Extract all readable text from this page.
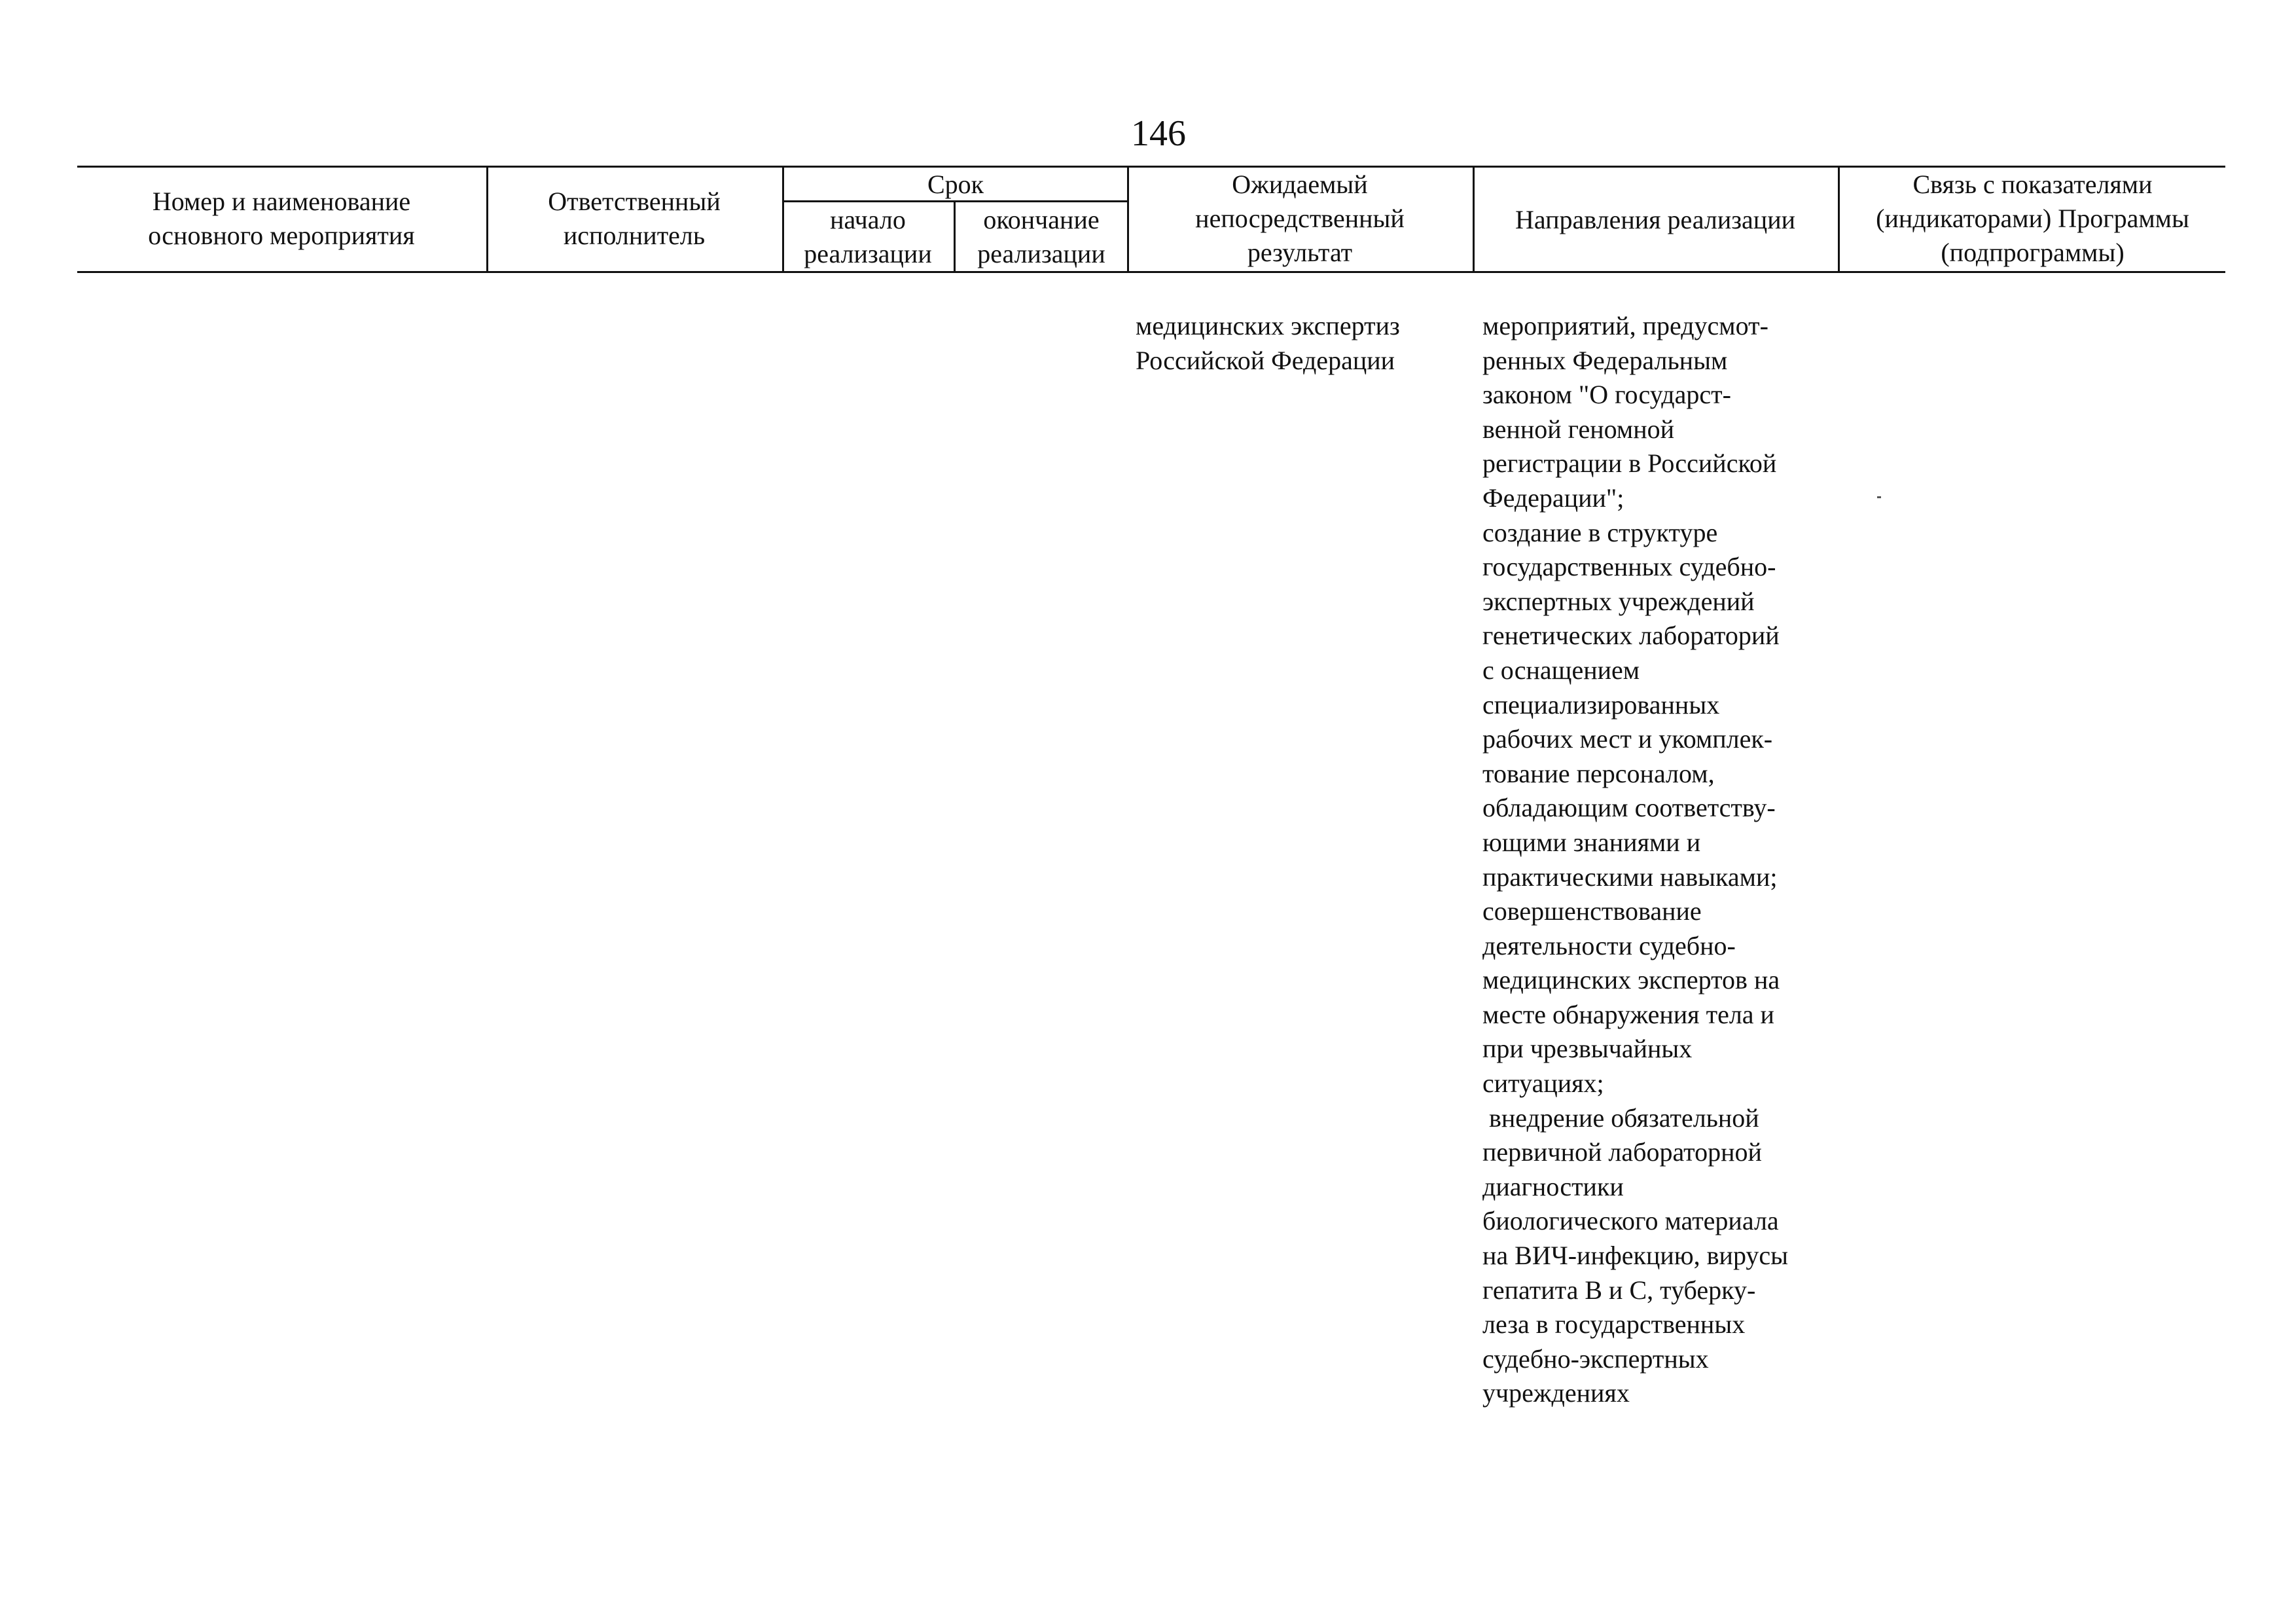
146
Номер и наименование
основного мероприятия
Ответственный
исполнитель
Срок
начало
реализации
окончание
реализации
Ожидаемый
непосредственный
результат
Направления реализации
Связь с показателями
(индикаторами) Программы
(подпрограммы)
медицинских экспертиз
Российской Федерации
мероприятий, предусмот-
ренных Федеральным
законом "О государст-
венной геномной
регистрации в Российской
Федерации";
создание в структуре
государственных судебно-
экспертных учреждений
генетических лабораторий
с оснащением
специализированных
рабочих мест и укомплек-
тование персоналом,
обладающим соответству-
ющими знаниями и
практическими навыками;
совершенствование
деятельности судебно-
медицинских экспертов на
месте обнаружения тела и
при чрезвычайных
ситуациях;
внедрение обязательной
первичной лабораторной
диагностики
биологического материала
на ВИЧ-инфекцию, вирусы
гепатита В и С, туберку-
леза в государственных
судебно-экспертных
учреждениях
